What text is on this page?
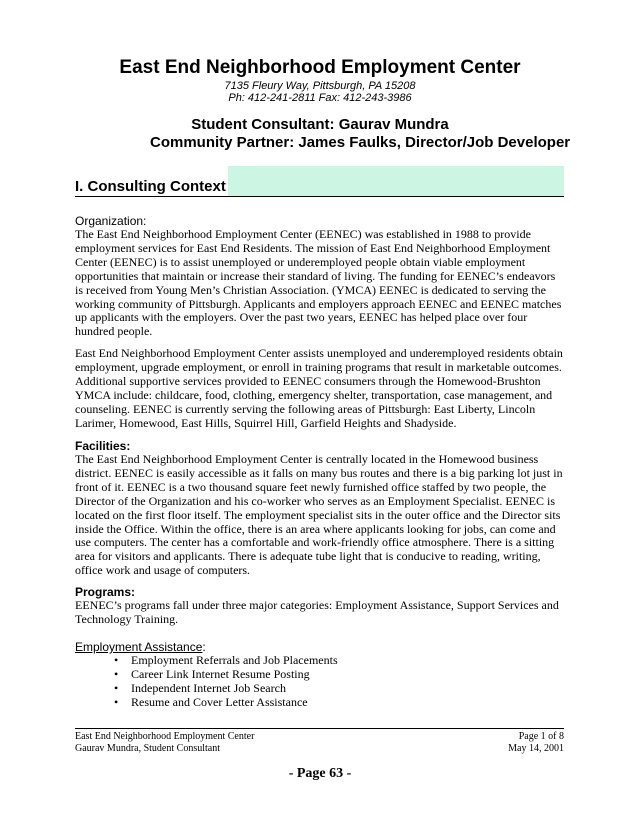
East End Neighborhood Employment Center
7135 Fleury Way, Pittsburgh, PA 15208
Ph: 412-241-2811 Fax: 412-243-3986
Student Consultant: Gaurav Mundra
Community Partner: James Faulks, Director/Job Developer
I. Consulting Context
Organization:

The East End Neighborhood Employment Center (EENEC) was established in 1988 to provide employment services for East End Residents. The mission of East End Neighborhood Employment Center (EENEC) is to assist unemployed or underemployed people obtain viable employment opportunities that maintain or increase their standard of living. The funding for EENEC’s endeavors is received from Young Men’s Christian Association. (YMCA) EENEC is dedicated to serving the working community of Pittsburgh. Applicants and employers approach EENEC and EENEC matches up applicants with the employers. Over the past two years, EENEC has helped place over four hundred people.

East End Neighborhood Employment Center assists unemployed and underemployed residents obtain employment, upgrade employment, or enroll in training programs that result in marketable outcomes. Additional supportive services provided to EENEC consumers through the Homewood-Brushton YMCA include: childcare, food, clothing, emergency shelter, transportation, case management, and counseling. EENEC is currently serving the following areas of Pittsburgh: East Liberty, Lincoln Larimer, Homewood, East Hills, Squirrel Hill, Garfield Heights and Shadyside.

Facilities:

The East End Neighborhood Employment Center is centrally located in the Homewood business district. EENEC is easily accessible as it falls on many bus routes and there is a big parking lot just in front of it. EENEC is a two thousand square feet newly furnished office staffed by two people, the Director of the Organization and his co-worker who serves as an Employment Specialist. EENEC is located on the first floor itself. The employment specialist sits in the outer office and the Director sits inside the Office. Within the office, there is an area where applicants looking for jobs, can come and use computers. The center has a comfortable and work-friendly office atmosphere. There is a sitting area for visitors and applicants. There is adequate tube light that is conducive to reading, writing, office work and usage of computers.

Programs:

EENEC’s programs fall under three major categories: Employment Assistance, Support Services and Technology Training.

Employment Assistance:
• Employment Referrals and Job Placements
• Career Link Internet Resume Posting
• Independent Internet Job Search
• Resume and Cover Letter Assistance
East End Neighborhood Employment Center
Gaurav Mundra, Student Consultant
Page 1 of 8
May 14, 2001
- Page 63 -
